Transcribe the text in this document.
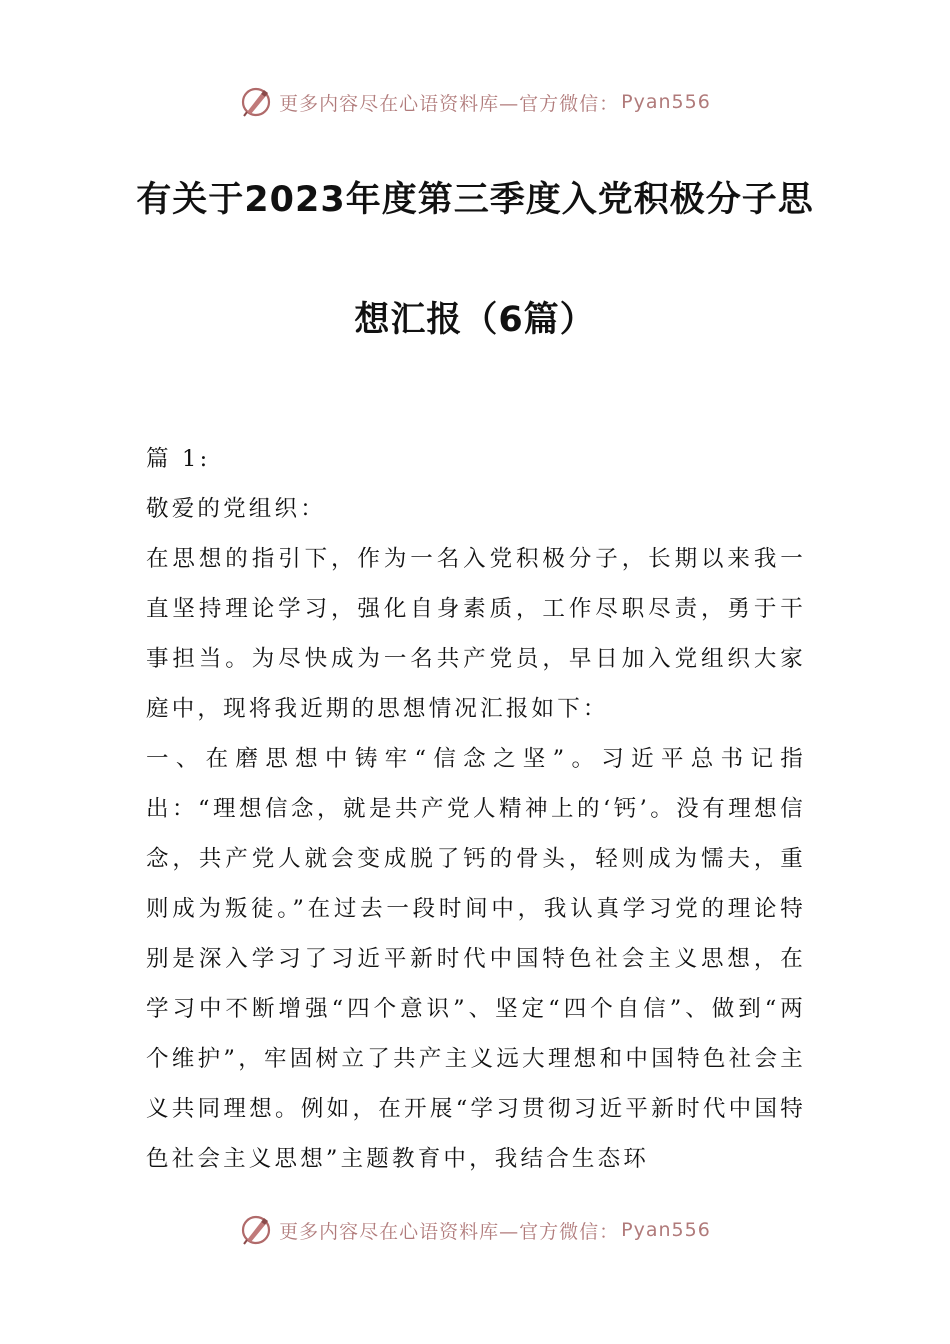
更多内容尽在心语资料库—官方微信： Pyan556
有关于2023年度第三季度入党积极分子思
想汇报（6篇）

篇 1:

敬爱的党组织：

在思想的指引下，作为一名入党积极分子，长期以来我一直坚持理论学习，强化自身素质，工作尽职尽责，勇于干事担当。为尽快成为一名共产党员，早日加入党组织大家庭中，现将我近期的思想情况汇报如下：

一、在磨思想中铸牢“信念之坚”。习近平总书记指出：“理想信念，就是共产党人精神上的‘钙’。没有理想信念，共产党人就会变成脱了钙的骨头，轻则成为懦夫，重则成为叛徒。”在过去一段时间中，我认真学习党的理论特别是深入学习了习近平新时代中国特色社会主义思想，在学习中不断增强“四个意识”、坚定“四个自信”、做到“两个维护”，牢固树立了共产主义远大理想和中国特色社会主义共同理想。例如，在开展“学习贯彻习近平新时代中国特色社会主义思想”主题教育中，我结合生态环

更多内容尽在心语资料库—官方微信： Pyan556
